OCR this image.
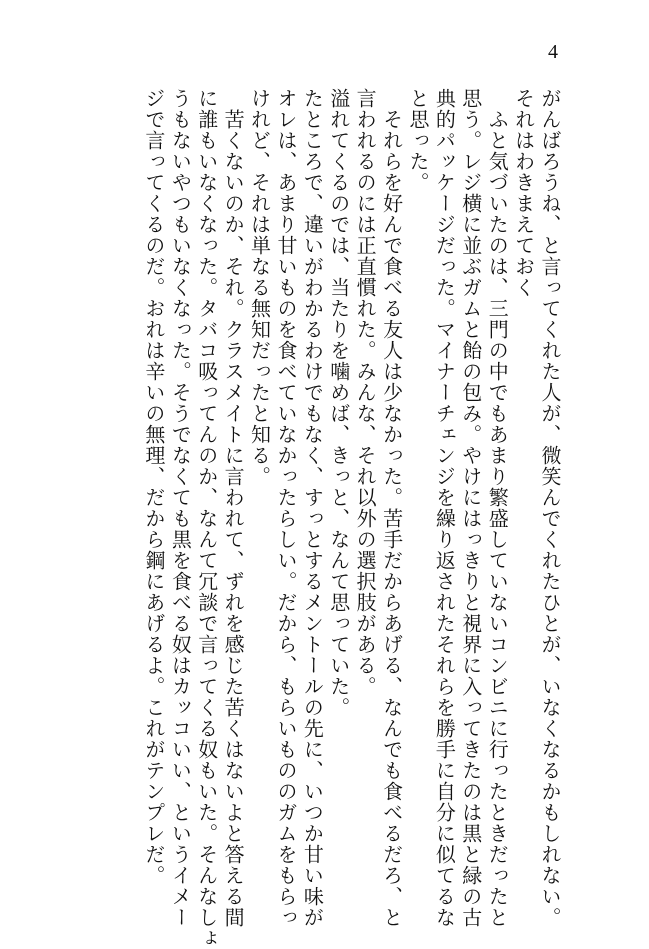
4

がんばろうね、と言ってくれた人が、微笑んでくれたひとが、いなくなるかもしれない。

それはわきまえておく

　ふと気づいたのは、三門の中でもあまり繁盛していないコンビニに行ったときだったと

思う。レジ横に並ぶガムと飴の包み。やけにはっきりと視界に入ってきたのは黒と緑の古

典的パッケージだった。マイナーチェンジを繰り返されたそれらを勝手に自分に似てるな

と思った。

　それらを好んで食べる友人は少なかった。苦手だからあげる、なんでも食べるだろ、と

言われるのには正直慣れた。みんな、それ以外の選択肢がある。

溢れてくるのでは、当たりを噛めば、きっと、なんて思っていた。

たところで、違いがわかるわけでもなく、すっとするメントールの先に、いつか甘い味が

オレは、あまり甘いものを食べていなかったらしい。だから、もらいもののガムをもらっ

けれど、それは単なる無知だったと知る。

　苦くないのか、それ。クラスメイトに言われて、ずれを感じた苦くはないよと答える間

に誰もいなくなった。タバコ吸ってんのか、なんて冗談で言ってくる奴もいた。そんなしょ

うもないやつもいなくなった。そうでなくても黒を食べる奴はカッコいい、というイメー

ジで言ってくるのだ。おれは辛いの無理、だから鋼にあげるよ。これがテンプレだ。
